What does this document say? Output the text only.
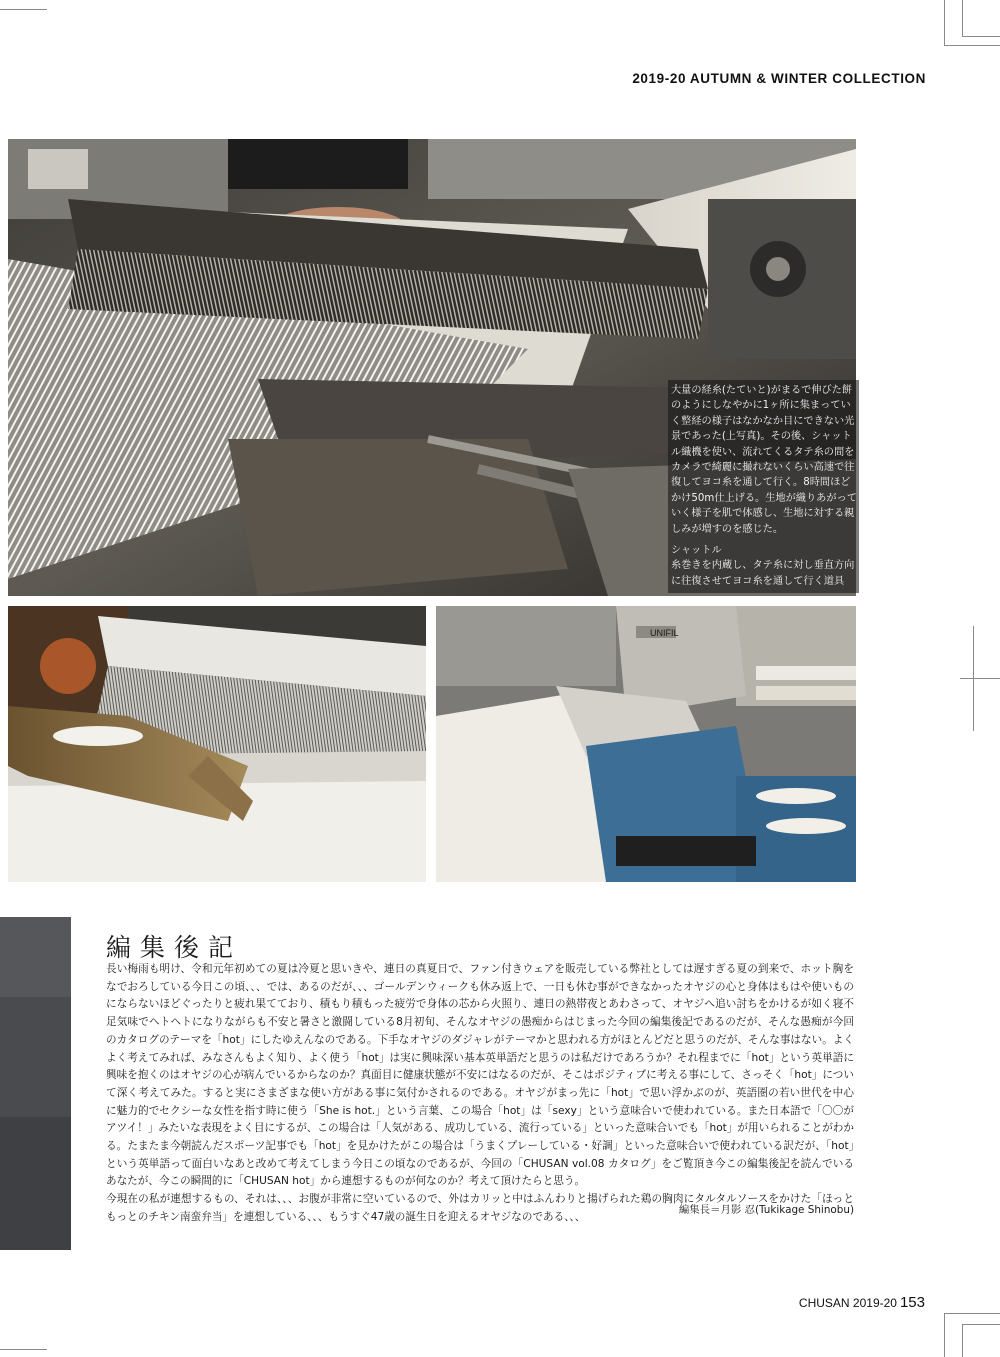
2019-20 AUTUMN & WINTER COLLECTION

大量の経糸(たていと)がまるで伸びた餅のようにしなやかに1ヶ所に集まっていく整経の様子はなかなか目にできない光景であった(上写真)。その後、シャットル織機を使い、流れてくるタテ糸の間をカメラで綺麗に撮れないくらい高速で往復してヨコ糸を通して行く。8時間ほどかけ50m仕上げる。生地が織りあがっていく様子を肌で体感し、生地に対する親しみが増すのを感じた。

シャットル

糸巻きを内蔵し、タテ糸に対し垂直方向に往復させてヨコ糸を通して行く道具

UNIFIL
編集後記

長い梅雨も明け、令和元年初めての夏は冷夏と思いきや、連日の真夏日で、ファン付きウェアを販売している弊社としては遅すぎる夏の到来で、ホット胸をなでおろしている今日この頃、、、では、あるのだが、、、ゴールデンウィークも休み返上で、一日も休む事ができなかったオヤジの心と身体はもはや使いものにならないほどぐったりと疲れ果てており、積もり積もった疲労で身体の芯から火照り、連日の熱帯夜とあわさって、オヤジへ追い討ちをかけるが如く寝不足気味でヘトヘトになりながらも不安と暑さと激闘している8月初旬、そんなオヤジの愚痴からはじまった今回の編集後記であるのだが、そんな愚痴が今回のカタログのテーマを「hot」にしたゆえんなのである。下手なオヤジのダジャレがテーマかと思われる方がほとんどだと思うのだが、そんな事はない。よくよく考えてみれば、みなさんもよく知り、よく使う「hot」は実に興味深い基本英単語だと思うのは私だけであろうか？それ程までに「hot」という英単語に興味を抱くのはオヤジの心が病んでいるからなのか？真面目に健康状態が不安にはなるのだが、そこはポジティブに考える事にして、さっそく「hot」について深く考えてみた。すると実にさまざまな使い方がある事に気付かされるのである。オヤジがまっ先に「hot」で思い浮かぶのが、英語圏の若い世代を中心に魅力的でセクシーな女性を指す時に使う「She is hot.」という言葉、この場合「hot」は「sexy」という意味合いで使われている。また日本語で「〇〇がアツイ！」みたいな表現をよく目にするが、この場合は「人気がある、成功している、流行っている」といった意味合いでも「hot」が用いられることがわかる。たまたま今朝読んだスポーツ記事でも「hot」を見かけたがこの場合は「うまくプレーしている・好調」といった意味合いで使われている訳だが、「hot」という英単語って面白いなあと改めて考えてしまう今日この頃なのであるが、今回の「CHUSAN vol.08 カタログ」をご覧頂き今この編集後記を読んでいるあなたが、今この瞬間的に「CHUSAN hot」から連想するものが何なのか？考えて頂けたらと思う。

今現在の私が連想するもの、それは、、、お腹が非常に空いているので、外はカリッと中はふんわりと揚げられた鶏の胸肉にタルタルソースをかけた「ほっともっとのチキン南蛮弁当」を連想している、、、もうすぐ47歳の誕生日を迎えるオヤジなのである、、、

編集長＝月影 忍(Tukikage Shinobu)
CHUSAN 2019-20 153
